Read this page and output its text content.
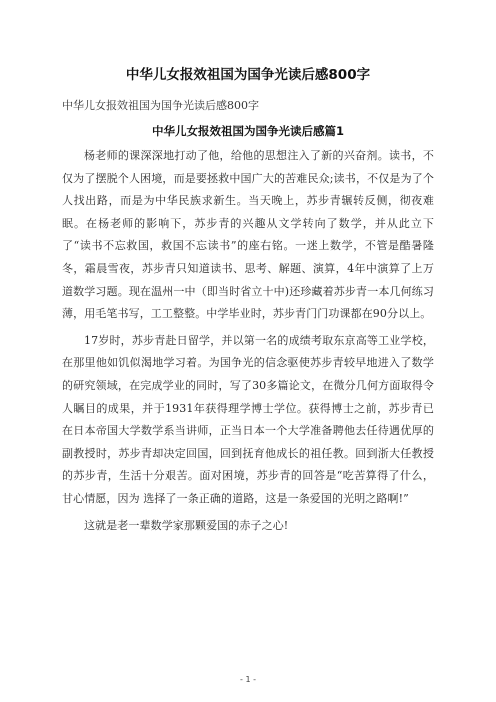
中华儿女报效祖国为国争光读后感800字

中华儿女报效祖国为国争光读后感800字

中华儿女报效祖国为国争光读后感篇1

杨老师的课深深地打动了他，给他的思想注入了新的兴奋剂。读书，不仅为了摆脱个人困境，而是要拯救中国广大的苦难民众;读书，不仅是为了个人找出路，而是为中华民族求新生。当天晚上，苏步青辗转反侧，彻夜难眠。在杨老师的影响下，苏步青的兴趣从文学转向了数学，并从此立下了“读书不忘救国，救国不忘读书”的座右铭。一迷上数学，不管是酷暑隆冬，霜晨雪夜，苏步青只知道读书、思考、解题、演算，4年中演算了上万道数学习题。现在温州一中（即当时省立十中)还珍藏着苏步青一本几何练习薄，用毛笔书写，工工整整。中学毕业时，苏步青门门功课都在90分以上。

17岁时，苏步青赴日留学，并以第一名的成绩考取东京高等工业学校，在那里他如饥似渴地学习着。为国争光的信念驱使苏步青较早地进入了数学的研究领域，在完成学业的同时，写了30多篇论文，在微分几何方面取得令人瞩目的成果，并于1931年获得理学博士学位。获得博士之前，苏步青已在日本帝国大学数学系当讲师，正当日本一个大学准备聘他去任待遇优厚的副教授时，苏步青却决定回国，回到抚育他成长的祖任教。回到浙大任教授的苏步青，生活十分艰苦。面对困境，苏步青的回答是“吃苦算得了什么， 甘心情愿，因为 选择了一条正确的道路，这是一条爱国的光明之路啊!”

这就是老一辈数学家那颗爱国的赤子之心!

- 1 -
